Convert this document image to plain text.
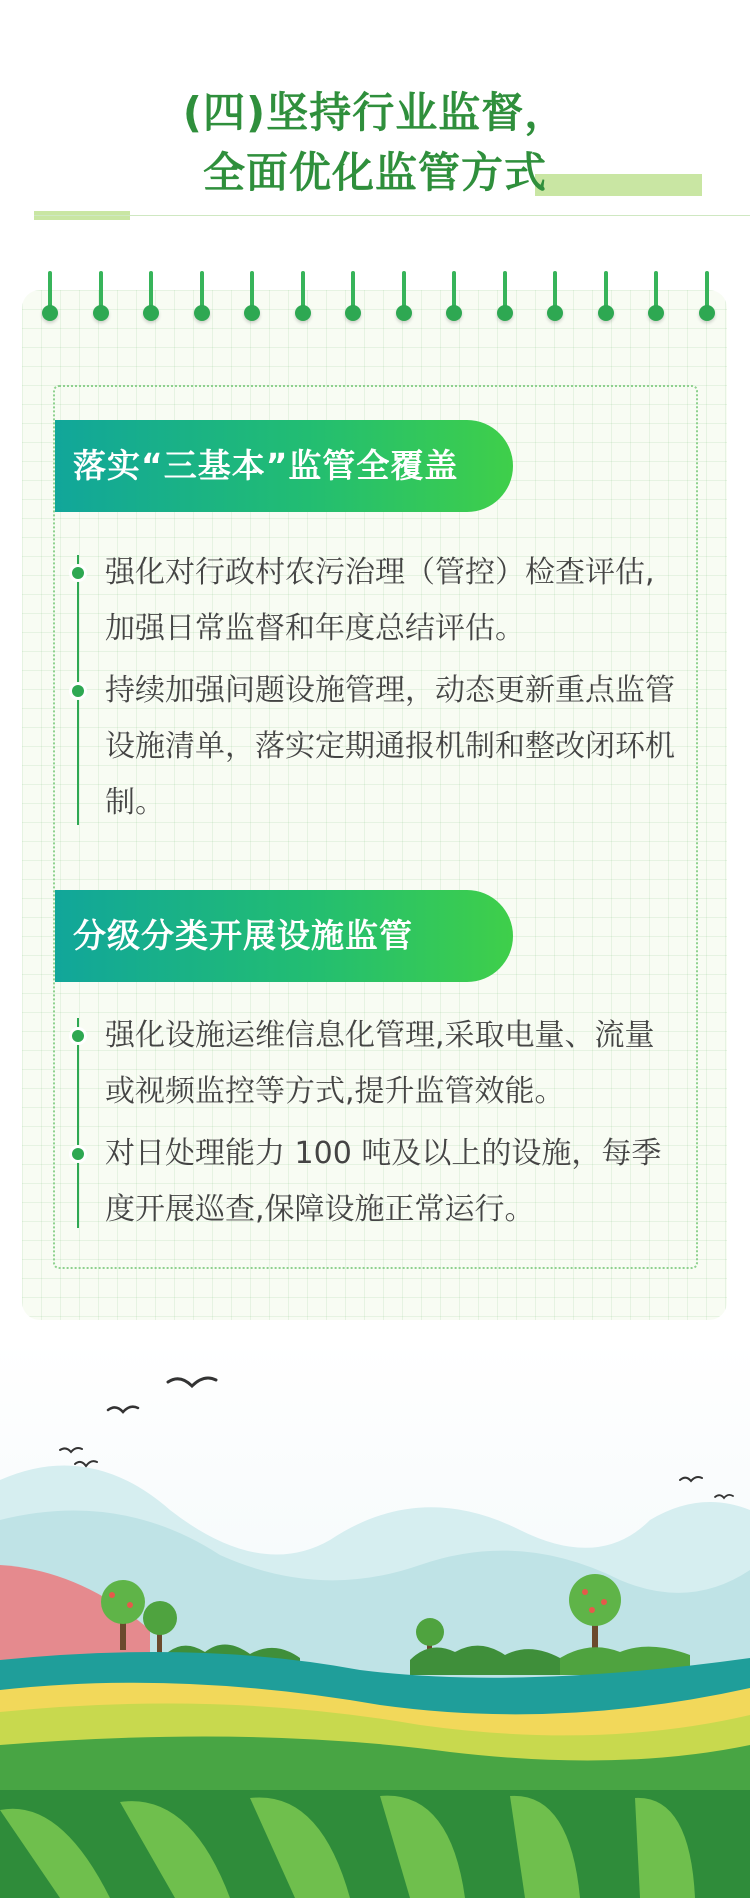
(四)坚持行业监督，
全面优化监管方式
落实“三基本”监管全覆盖
强化对行政村农污治理（管控）检查评估,加强日常监督和年度总结评估。
持续加强问题设施管理，动态更新重点监管设施清单，落实定期通报机制和整改闭环机制。
分级分类开展设施监管
强化设施运维信息化管理,采取电量、流量或视频监控等方式,提升监管效能。
对日处理能力 100 吨及以上的设施，每季度开展巡查,保障设施正常运行。
